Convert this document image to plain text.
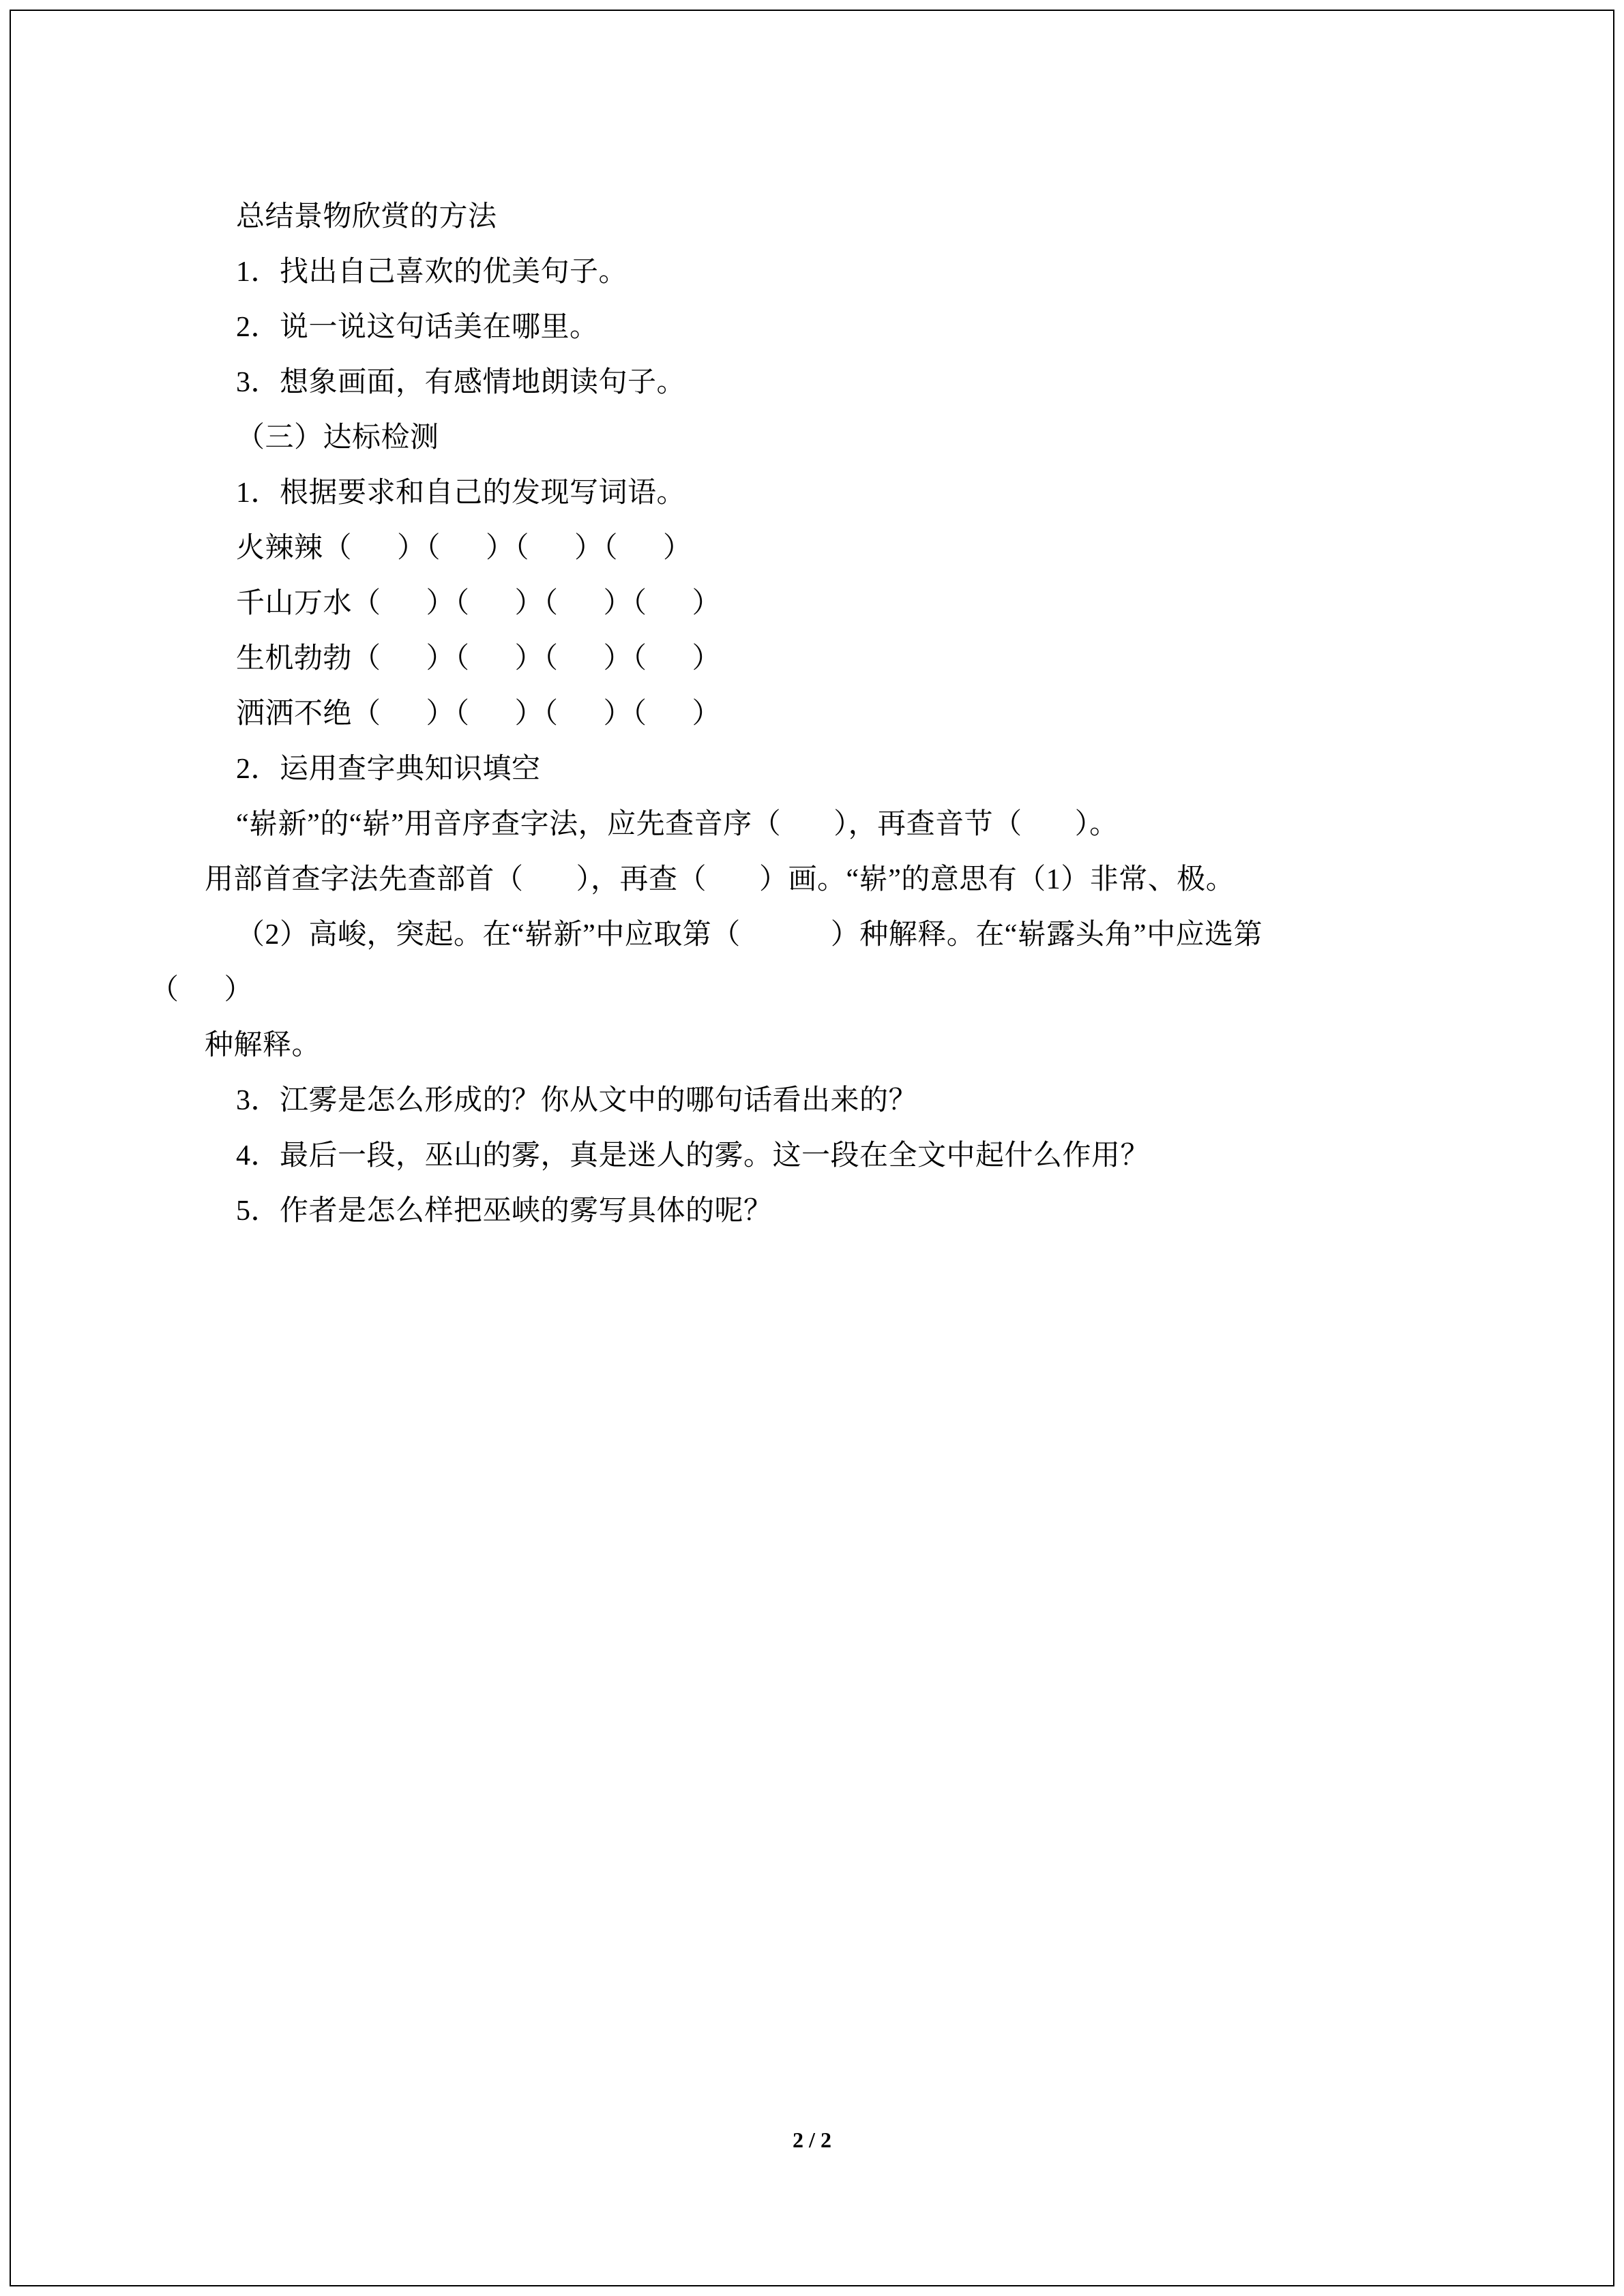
总结景物欣赏的方法
1．找出自己喜欢的优美句子。
2．说一说这句话美在哪里。
3．想象画面，有感情地朗读句子。
（三）达标检测
1．根据要求和自己的发现写词语。
火辣辣（      ）（      ）（      ）（      ）
千山万水（      ）（      ）（      ）（      ）
生机勃勃（      ）（      ）（      ）（      ）
洒洒不绝（      ）（      ）（      ）（      ）
2．运用查字典知识填空
“崭新”的“崭”用音序查字法，应先查音序（       ），再查音节（       ）。
用部首查字法先查部首（       ），再查（       ）画。“崭”的意思有（1）非常、极。
（2）高峻，突起。在“崭新”中应取第（            ）种解释。在“崭露头角”中应选第
（      ）
种解释。
3．江雾是怎么形成的？你从文中的哪句话看出来的？
4．最后一段，巫山的雾，真是迷人的雾。这一段在全文中起什么作用？
5．作者是怎么样把巫峡的雾写具体的呢？
2 / 2
